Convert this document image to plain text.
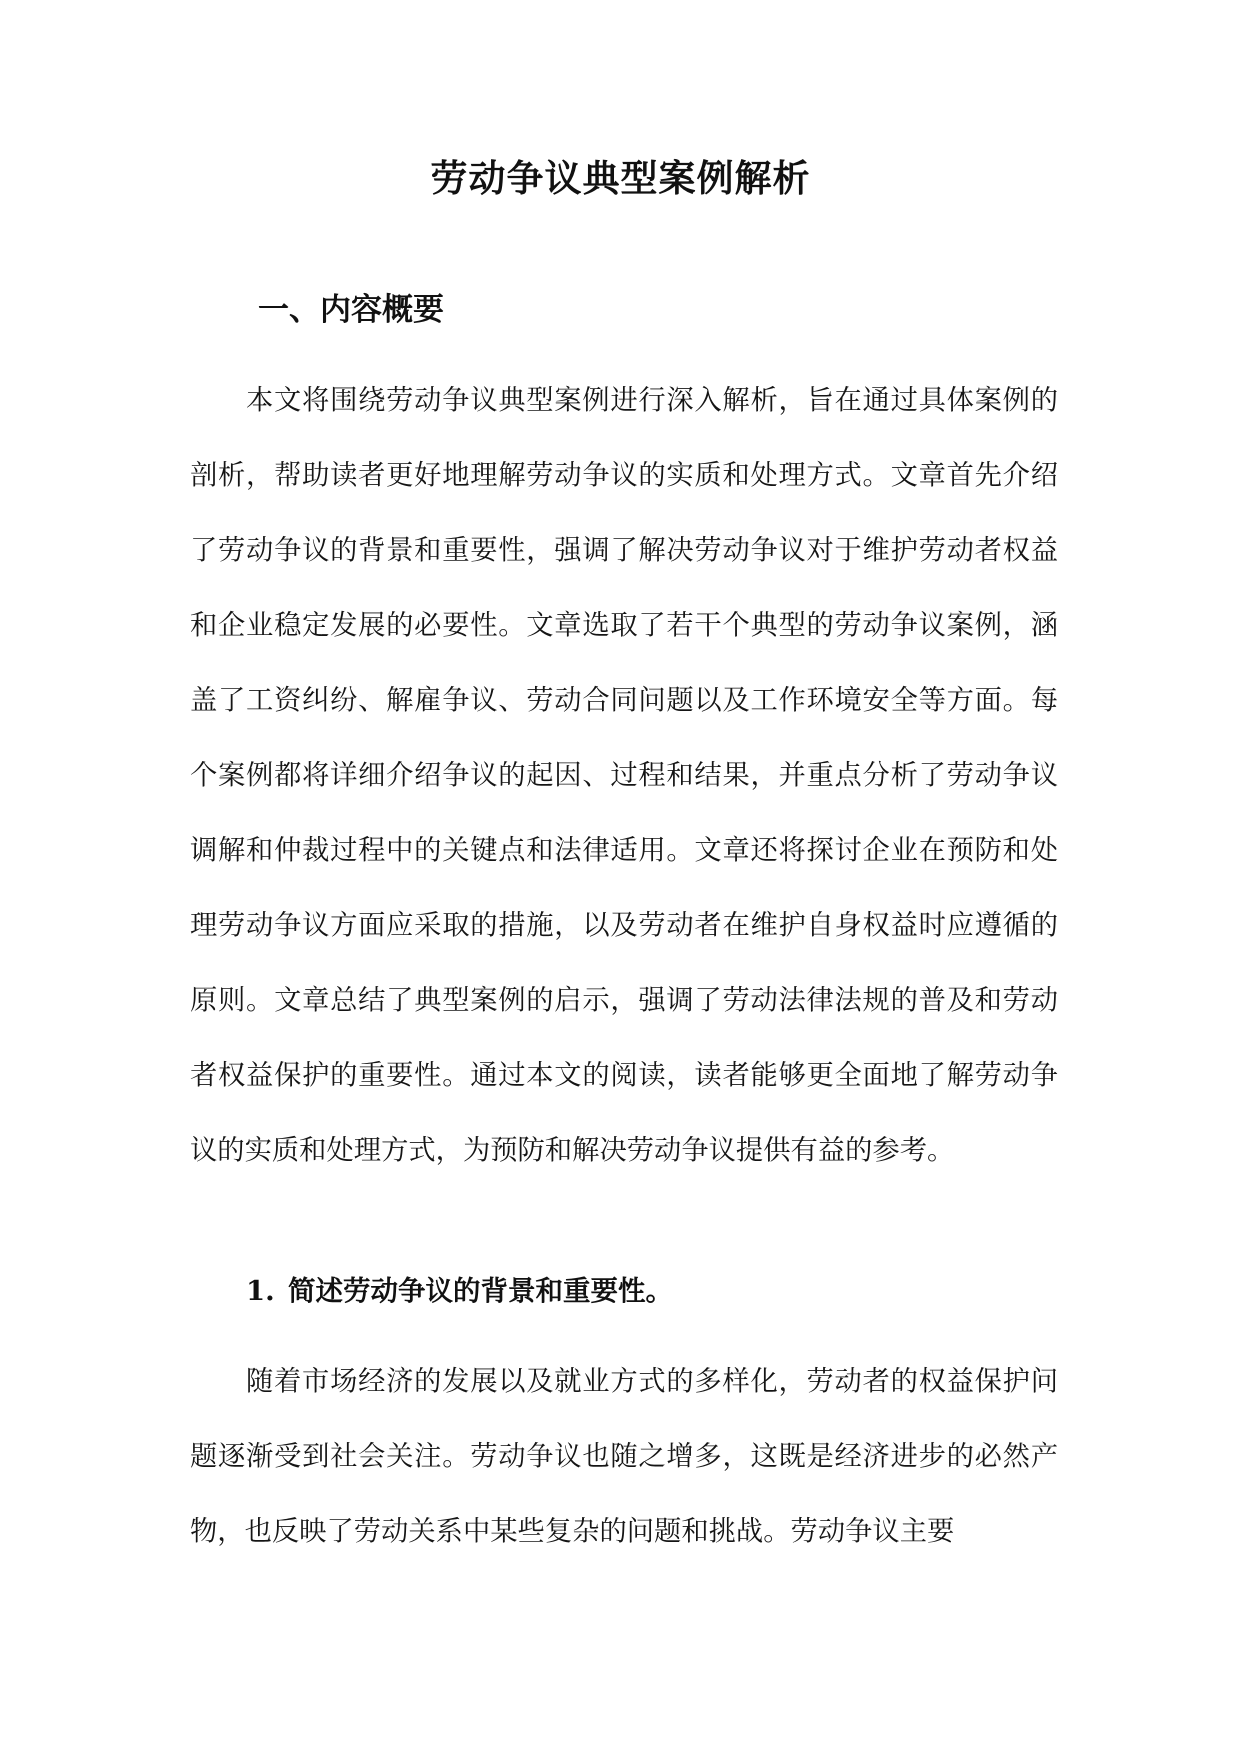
劳动争议典型案例解析
一、内容概要

本文将围绕劳动争议典型案例进行深入解析，旨在通过具体案例的剖析，帮助读者更好地理解劳动争议的实质和处理方式。文章首先介绍了劳动争议的背景和重要性，强调了解决劳动争议对于维护劳动者权益和企业稳定发展的必要性。文章选取了若干个典型的劳动争议案例，涵盖了工资纠纷、解雇争议、劳动合同问题以及工作环境安全等方面。每个案例都将详细介绍争议的起因、过程和结果，并重点分析了劳动争议调解和仲裁过程中的关键点和法律适用。文章还将探讨企业在预防和处理劳动争议方面应采取的措施，以及劳动者在维护自身权益时应遵循的原则。文章总结了典型案例的启示，强调了劳动法律法规的普及和劳动者权益保护的重要性。通过本文的阅读，读者能够更全面地了解劳动争议的实质和处理方式，为预防和解决劳动争议提供有益的参考。

1. 简述劳动争议的背景和重要性。

随着市场经济的发展以及就业方式的多样化，劳动者的权益保护问题逐渐受到社会关注。劳动争议也随之增多，这既是经济进步的必然产物，也反映了劳动关系中某些复杂的问题和挑战。劳动争议主要
